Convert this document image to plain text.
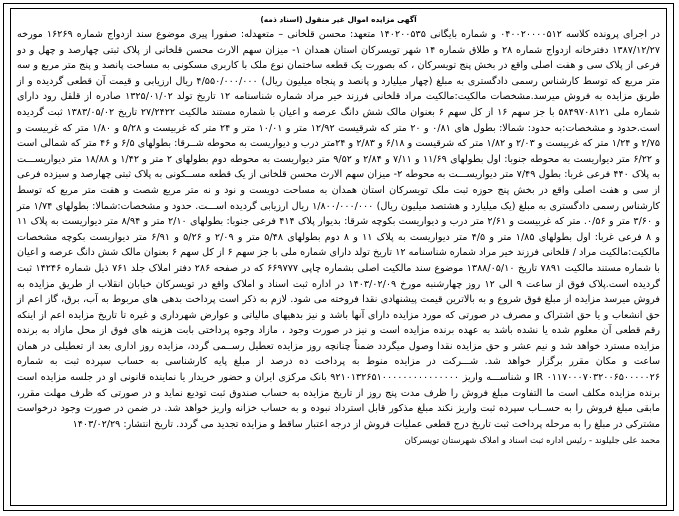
آگهی مزایده اموال غیر منقول (اسناد ذمه)

در اجرای پرونده کلاسه ۰۴۰۰۲۰۰۰۰۵۱۲ و شماره بایگانی ۱۴۰۲۰۰۵۳۵ متعهد: محسن قلخانی – متعهدله: صفورا پیری موضوع سند ازدواج شماره ۱۶۲۶۹ مورخه ۱۳۸۷/۱۲/۲۷ دفترخانه ازدواج شماره ۲۸ و طلاق شماره ۱۴ شهر تویسرکان استان همدان ۱- میزان سهم الارث محسن قلخانی از پلاک ثبتی چهارصد و چهل و دو فرعی از پلاک سی و هفت اصلی واقع در بخش پنج تویسرکان ، که بصورت یک قطعه ساختمان نوع ملک با کاربری مسکونی به مساحت پانصد و پنج متر مربع و سه متر مربع که توسط کارشناس رسمی دادگستری به مبلغ (چهار میلیارد و پانصد و پنجاه میلیون ریال) ۴/۵۵۰/۰۰۰/۰۰۰ ریال ارزیابی و قیمت آن قطعی گردیده و از طریق مزایده به فروش میرسد.مشخصات مالکیت:مالکیت مراد قلخانی فرزند خیر مراد شماره شناسنامه ۱۲ تاریخ تولد ۱۳۲۵/۰۱/۰۲ صادره از قلقل رود دارای شماره ملی ۵۸۴۹۷۰۸۱۲۱ با جز سهم ۱۶ از کل سهم ۶ بعنوان مالک شش دانگ عرصه و اعیان با شماره مستند مالکیت ۲۷/۲۴۲۲ تاریخ ۱۳۸۳/۰۵/۰۲ ثبت گردیده است.حدود و مشخصات:به حدود: شمالا: بطول های ۰/۸۱ و ۲۰ متر که شرقیست ۱۲/۹۲ متر و ۱۰/۰۱ متر و ۲۴ متر که غربیست و ۵/۲۸ و ۱/۸۰ متر که غربیست و ۲/۷۵ و ۱/۲۴ متر که غربیست و ۲/۰۳ و ۱/۸۲ متر که شرقیست و ۶/۱۸ و ۲/۸۳ و ۲۴متر درب و دیواریست به محوطه شــرقا: بطولهای ۶/۵ و ۴۶ متر که شمالی است و ۶/۲۲ متر دیواریست به محوطه جنوبا: اول بطولهای ۱۱/۶۹ و ۷/۱۱ و ۲/۸۴ و ۹/۵۲ متر دیواریست به محوطه دوم بطولهای ۲ متر و ۱/۴۲ و ۱۸/۸۸ متر دیواریســـت به پلاک ۴۴۰ فرعی غربا: بطول ۷/۴۹ متر دیواریســـت به محوطه ۲- میزان سهم الارث محسن قلخانی از یک قطعه مســکونی به پلاک ثبتی چهارصد و سیزده فرعی از سی و هفت اصلی واقع در بخش پنج حوزه ثبت ملک تویسرکان استان همدان به مساحت دویست و نود و نه متر مربع شصت و هفت متر مربع که توسط کارشناس رسمی دادگستری به مبلغ (یک میلیارد و هشتصد میلیون ریال) ۱/۸۰۰/۰۰۰/۰۰۰ ریال ارزیابی گردیده اســـت. حدود و مشخصات:شمالا: بطولهای ۱/۷۴ متر و ۳/۶۰ متر و ۰/۵۶. متر که غربیست و ۲/۶۱ متر درب و دیواریست بکوچه شرقا: بدیوار پلاک ۴۱۴ فرعی جنوبا: بطولهای ۲/۱۰ متر و ۸/۹۴ متر دیواریست به پلاک ۱۱ و ۸ فرعی غربا: اول بطولهای ۱/۸۵ متر و ۴/۵ متر دیواریست به پلاک ۱۱ و ۸ دوم بطولهای ۵/۴۸ متر و ۲/۰۹ و ۵/۲۶ و ۶/۹۱ متر دیواریست بکوچه مشخصات مالکیت:مالکیت مراد / قلخانی فرزند خیر مراد شماره شناسنامه ۱۲ تاریخ تولد دارای شماره ملی با جز سهم ۶ از کل سهم ۶ بعنوان مالک شش دانگ عرصه و اعیان با شماره مستند مالکیت ۷۸۹۱ تاریخ ۱۳۸۸/۰۵/۱۰ موضوع سند مالکیت اصلی بشماره چاپی ۶۶۹۷۷۷ که در صفحه ۲۸۶ دفتر املاک جلد ۷۶۱ ذیل شماره ۱۴۲۴۶ ثبت گردیده است.پلاک فوق از ساعت ۹ الی ۱۲ روز چهارشنبه مورخ ۱۴۰۳/۰۲/۰۹ در اداره ثبت اسناد و املاک واقع در تویسرکان خیابان انقلاب از طریق مزایده به فروش میرسد مزایده از مبلغ فوق شروع و به بالاترین قیمت پیشنهادی نقدا فروخته می شود. لازم به ذکر است پرداخت بدهی های مربوط به آب، برق، گاز اعم از حق انشعاب و یا حق اشتراک و مصرف در صورتی که مورد مزایده دارای آنها باشد و نیز بدهیهای مالیاتی و عوارض شهرداری و غیره تا تاریخ مزایده اعم از اینکه رقم قطعی آن معلوم شده یا نشده باشد به عهده برنده مزایده است و نیز در صورت وجود ، مازاد وجوه پرداختی بابت هزینه های فوق از محل مازاد به برنده مزایده مسترد خواهد شد و نیم عشر و حق مزایده نقدا وصول میگردد ضمناً چنانچه روز مزایده تعطیل رســمی گردد، مزایده روز اداری بعد از تعطیلی در همان ساعت و مکان مقرر برگزار خواهد شد. شـــرکت در مزایده منوط به پرداخت ده درصد از مبلغ پایه کارشناسی به حساب سپرده ثبت به شماره ۰۱۱۷۰۰۰۷۰۳۲۰۰۶۵۰۰۰۰۰۲۶ IR و شناســـه واریز ۹۲۱۰۱۳۲۶۵۱۰۰۰۰۰۰۰۰۰۰۰۰۰۰۰ بانک مرکزی ایران و حضور خریدار یا نماینده قانونی او در جلسه مزایده است برنده مزایده مکلف است ما التفاوت مبلغ فروش را ظرف مدت پنج روز از تاریخ مزایده به حساب صندوق ثبت تودیع نماید و در صورتی که ظرف مهلت مقرر، مابقی مبلغ فروش را به حســاب سپرده ثبت واریز نکند مبلغ مذکور قابل استرداد نبوده و به حساب خزانه واریز خواهد شد. در ضمن در صورت وجود درخواست مشترکی در مبلغ را به مرحله پرداخت ثبت تاریخ درج قطعی عملیات فروش از درجه اعتبار ساقط و مزایده تجدید می گردد. تاریخ انتشار: ۱۴۰۳/۰۲/۲۹

محمد علی جلیلوند - رئیس اداره ثبت اسناد و املاک شهرستان تویسرکان
